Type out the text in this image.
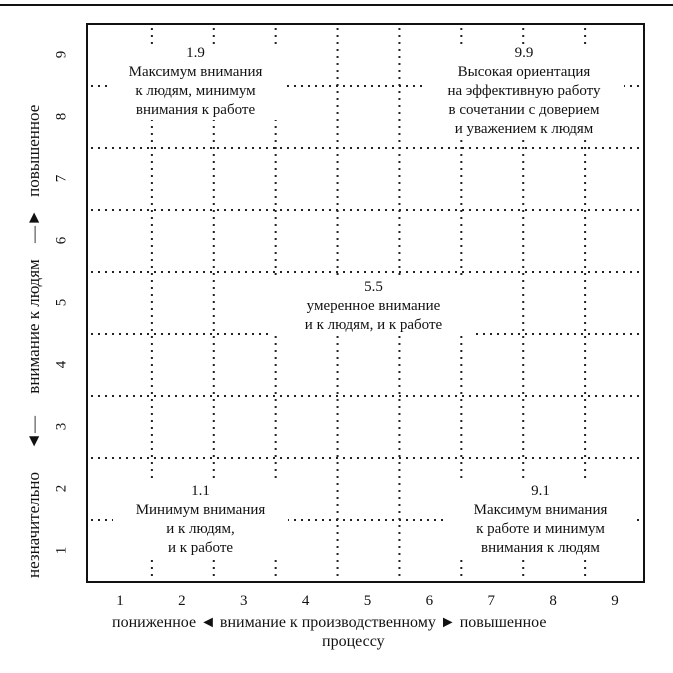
1.9
Максимум внимания
к людям, минимум
внимания к работе
9.9
Высокая ориентация
на эффективную работу
в сочетании с доверием
и уважением к людям
5.5
умеренное внимание
и к людям, и к работе
1.1
Минимум внимания
и к людям,
и к работе
9.1
Максимум внимания
к работе и минимум
внимания к людям
1	2	3	4	5	6	7	8	9
1
2
3
4
5
6
7
8
9
пониженное ◄ внимание к производственному ► повышенное
процессу
незначительно ◄— внимание к людям —► повышенное
